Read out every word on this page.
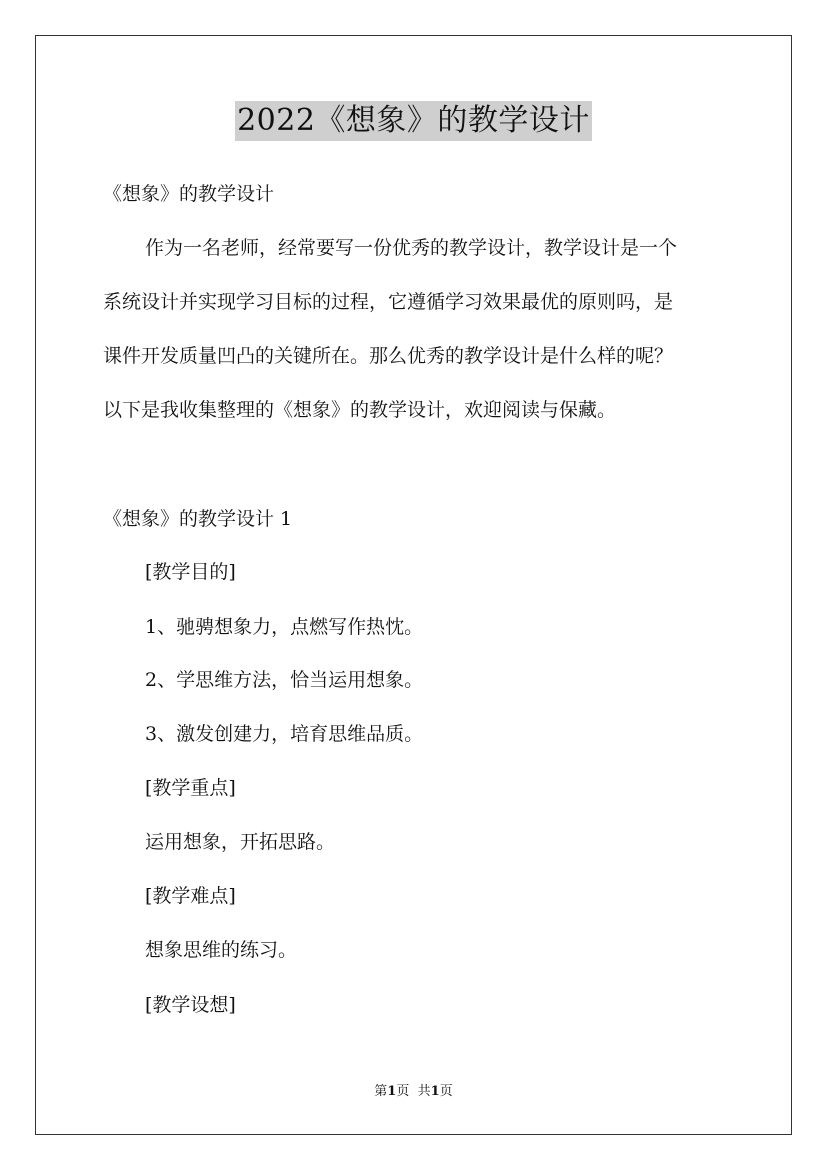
2022《想象》的教学设计
《想象》的教学设计
作为一名老师，经常要写一份优秀的教学设计，教学设计是一个
系统设计并实现学习目标的过程，它遵循学习效果最优的原则吗，是
课件开发质量凹凸的关键所在。那么优秀的教学设计是什么样的呢？
以下是我收集整理的《想象》的教学设计，欢迎阅读与保藏。
《想象》的教学设计 1
[教学目的]
1、驰骋想象力，点燃写作热忱。
2、学思维方法，恰当运用想象。
3、激发创建力，培育思维品质。
[教学重点]
运用想象，开拓思路。
[教学难点]
想象思维的练习。
[教学设想]
第1页 共1页
